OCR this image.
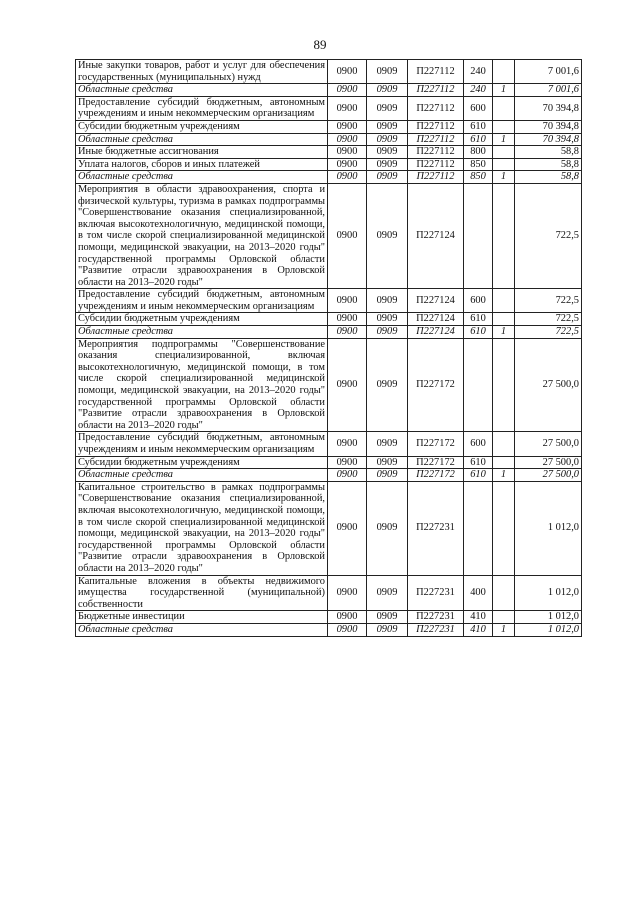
89
Иные закупки товаров, работ и услуг для обеспечения государственных (муниципальных) нужд	0900	0909	П227112	240		7 001,6
Областные средства	0900	0909	П227112	240	1	7 001,6
Предоставление субсидий бюджетным, автономным учреждениям и иным некоммерческим организациям	0900	0909	П227112	600		70 394,8
Субсидии бюджетным учреждениям	0900	0909	П227112	610		70 394,8
Областные средства	0900	0909	П227112	610	1	70 394,8
Иные бюджетные ассигнования	0900	0909	П227112	800		58,8
Уплата налогов, сборов и иных платежей	0900	0909	П227112	850		58,8
Областные средства	0900	0909	П227112	850	1	58,8
Мероприятия в области здравоохранения, спорта и физической культуры, туризма в рамках подпрограммы "Совершенствование оказания специализированной, включая высокотехнологичную, медицинской помощи, в том числе скорой специализированной медицинской помощи, медицинской эвакуации, на 2013–2020 годы" государственной программы Орловской области "Развитие отрасли здравоохранения в Орловской области на 2013–2020 годы"	0900	0909	П227124			722,5
Предоставление субсидий бюджетным, автономным учреждениям и иным некоммерческим организациям	0900	0909	П227124	600		722,5
Субсидии бюджетным учреждениям	0900	0909	П227124	610		722,5
Областные средства	0900	0909	П227124	610	1	722,5
Мероприятия подпрограммы "Совершенствование оказания специализированной, включая высокотехнологичную, медицинской помощи, в том числе скорой специализированной медицинской помощи, медицинской эвакуации, на 2013–2020 годы" государственной программы Орловской области "Развитие отрасли здравоохранения в Орловской области на 2013–2020 годы"	0900	0909	П227172			27 500,0
Предоставление субсидий бюджетным, автономным учреждениям и иным некоммерческим организациям	0900	0909	П227172	600		27 500,0
Субсидии бюджетным учреждениям	0900	0909	П227172	610		27 500,0
Областные средства	0900	0909	П227172	610	1	27 500,0
Капитальное строительство в рамках подпрограммы "Совершенствование оказания специализированной, включая высокотехнологичную, медицинской помощи, в том числе скорой специализированной медицинской помощи, медицинской эвакуации, на 2013–2020 годы" государственной программы Орловской области "Развитие отрасли здравоохранения в Орловской области на 2013–2020 годы"	0900	0909	П227231			1 012,0
Капитальные вложения в объекты недвижимого имущества государственной (муниципальной) собственности	0900	0909	П227231	400		1 012,0
Бюджетные инвестиции	0900	0909	П227231	410		1 012,0
Областные средства	0900	0909	П227231	410	1	1 012,0
